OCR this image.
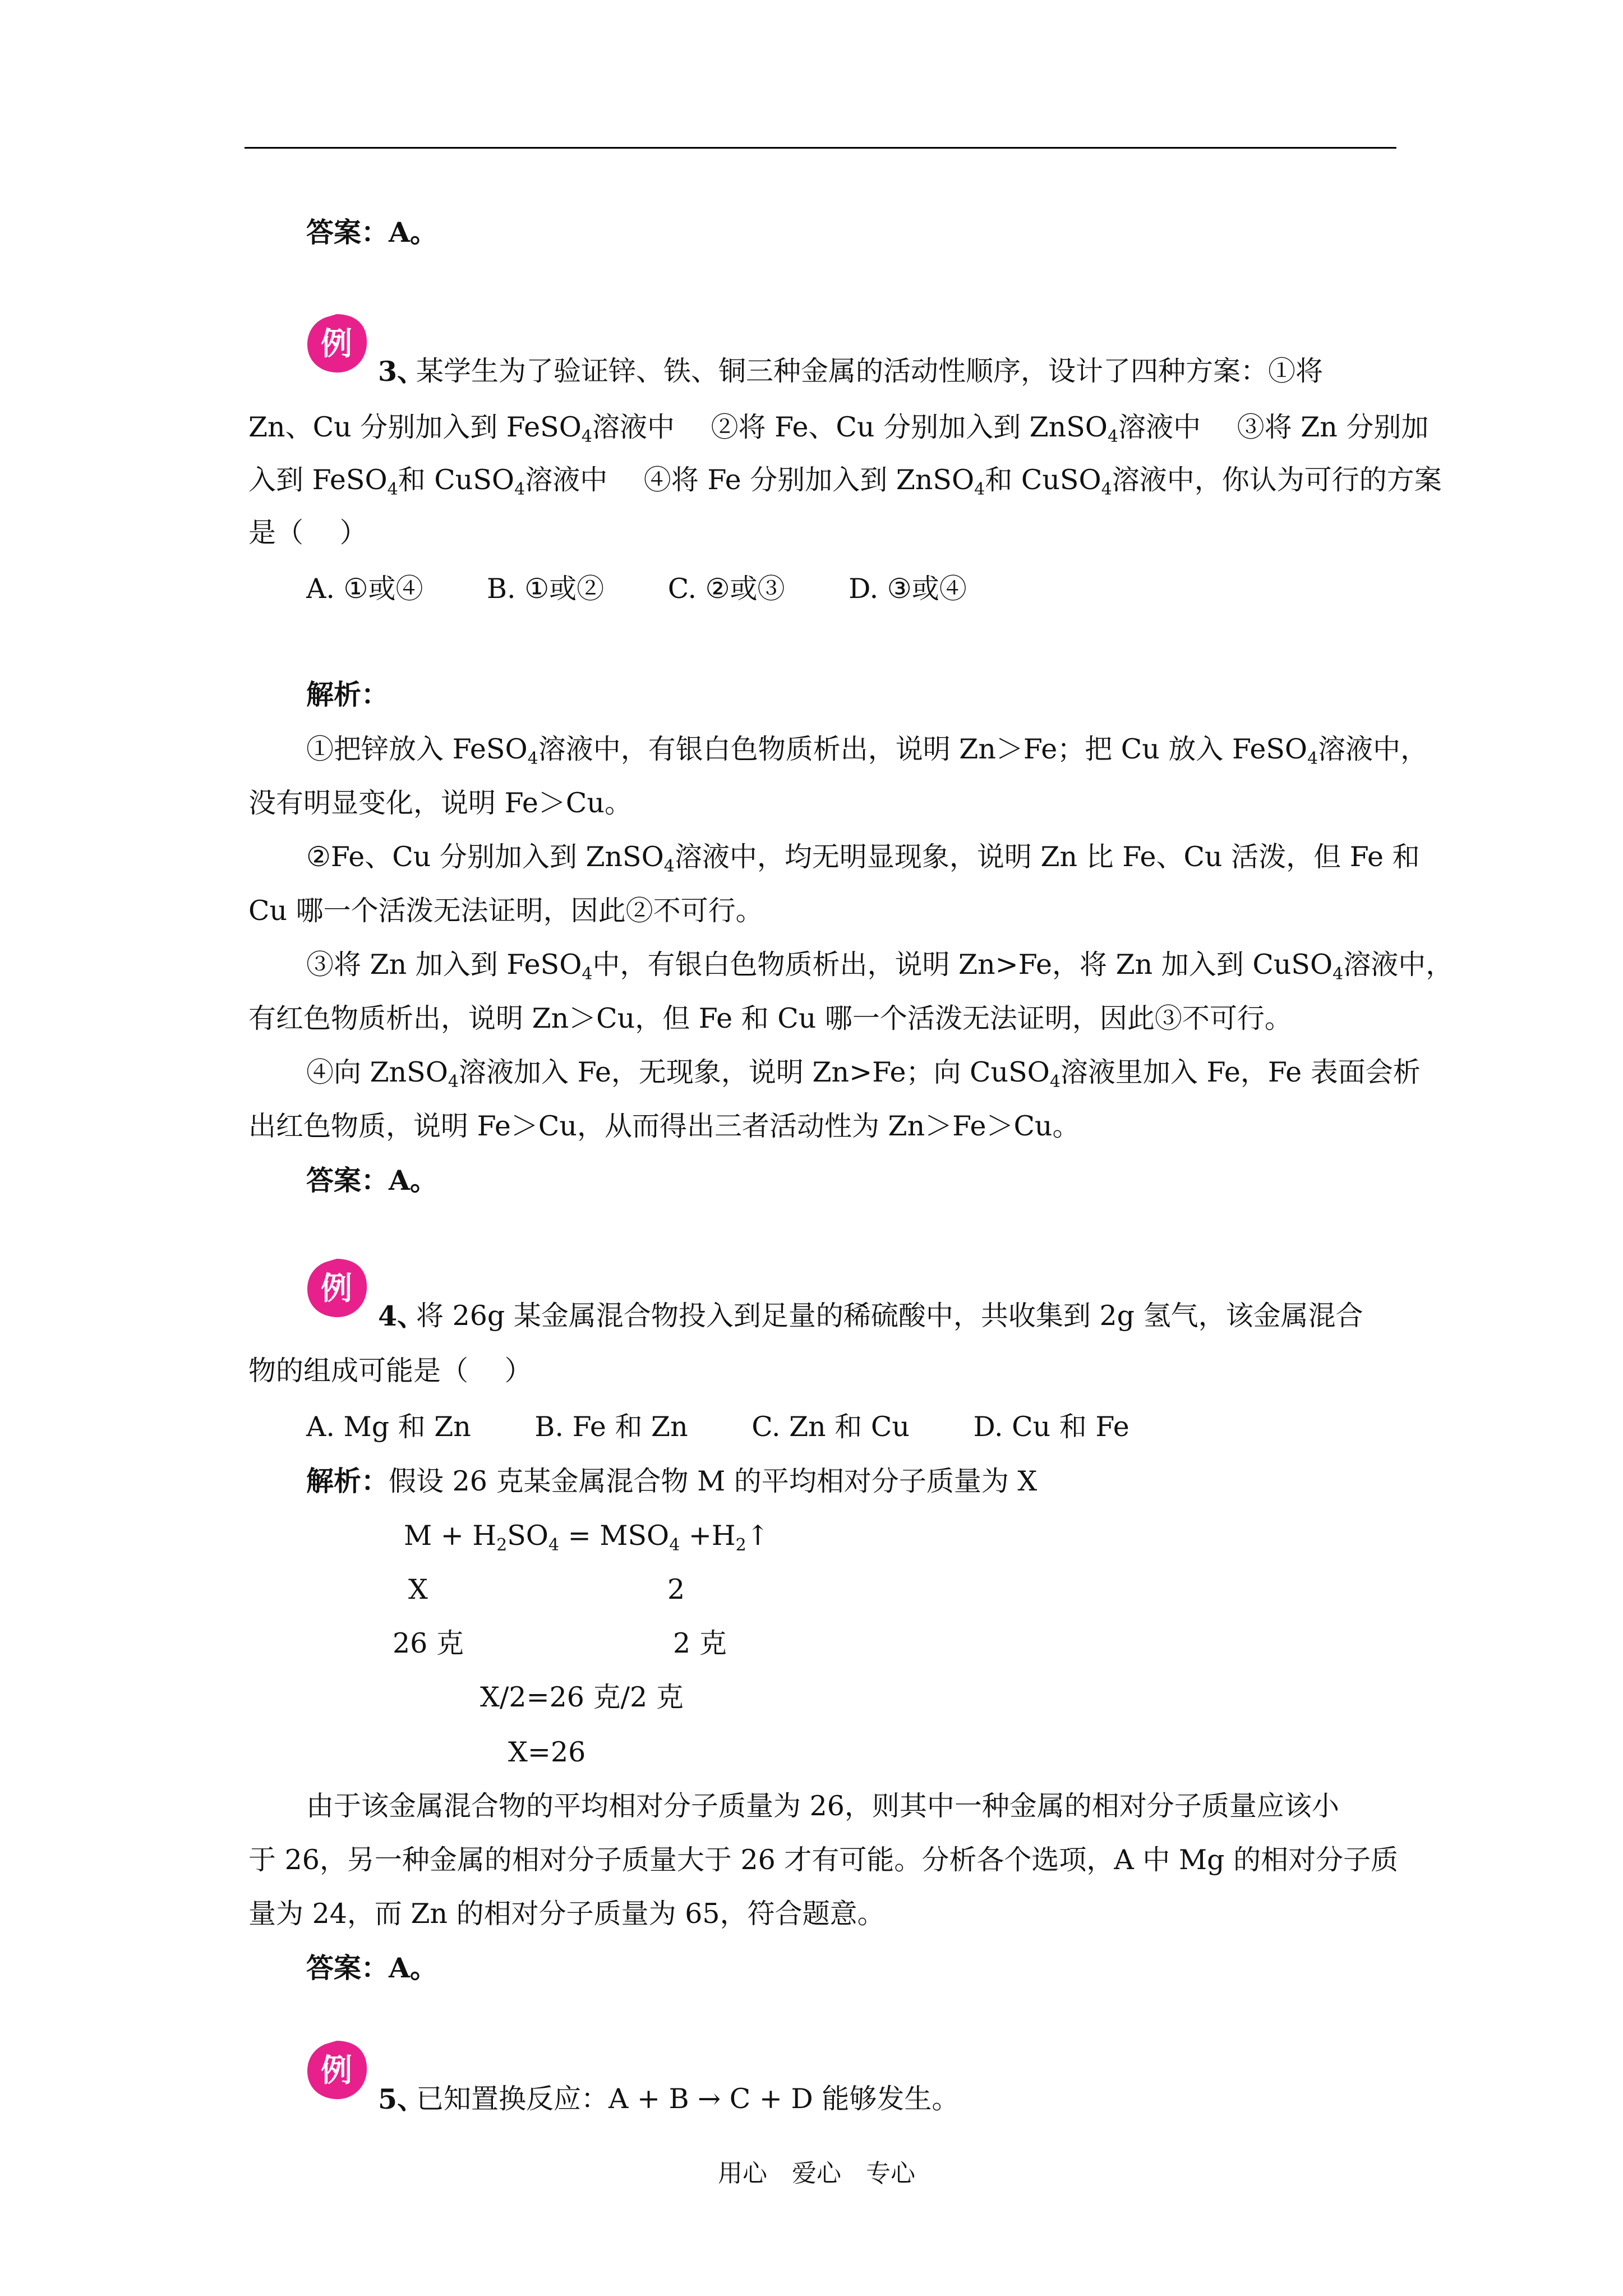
答案：A。
例
3、
某学生为了验证锌、铁、铜三种金属的活动性顺序，设计了四种方案：①将
Zn、Cu 分别加入到 FeSO$_4$溶液中　 ②将 Fe、Cu 分别加入到 ZnSO$_4$溶液中　 ③将 Zn 分别加
入到 FeSO$_4$和 CuSO$_4$溶液中　 ④将 Fe 分别加入到 ZnSO$_4$和 CuSO$_4$溶液中，你认为可行的方案
是（　 ）
A. ①或④　　 B. ①或②　　 C. ②或③　　 D. ③或④
解析：
①把锌放入 FeSO$_4$溶液中，有银白色物质析出，说明 Zn＞Fe；把 Cu 放入 FeSO$_4$溶液中，
没有明显变化，说明 Fe＞Cu。
②Fe、Cu 分别加入到 ZnSO$_4$溶液中，均无明显现象，说明 Zn 比 Fe、Cu 活泼，但 Fe 和
Cu 哪一个活泼无法证明，因此②不可行。
③将 Zn 加入到 FeSO$_4$中，有银白色物质析出，说明 Zn>Fe，将 Zn 加入到 CuSO$_4$溶液中，
有红色物质析出，说明 Zn＞Cu，但 Fe 和 Cu 哪一个活泼无法证明，因此③不可行。
④向 ZnSO$_4$溶液加入 Fe，无现象，说明 Zn>Fe；向 CuSO$_4$溶液里加入 Fe，Fe 表面会析
出红色物质，说明 Fe＞Cu，从而得出三者活动性为 Zn＞Fe＞Cu。
答案：A。
例
4、
将 26g 某金属混合物投入到足量的稀硫酸中，共收集到 2g 氢气，该金属混合
物的组成可能是（　 ）
A. Mg 和 Zn　　 B. Fe 和 Zn　　 C. Zn 和 Cu　　 D. Cu 和 Fe
解析：假设 26 克某金属混合物 M 的平均相对分子质量为 X
$M + H_2SO_4 = MSO_4$ $+H_2↑$
X	2
26 克	2 克
X/2=26 克/2 克
X=26
由于该金属混合物的平均相对分子质量为 26，则其中一种金属的相对分子质量应该小
于 26，另一种金属的相对分子质量大于 26 才有可能。分析各个选项，A 中 Mg 的相对分子质
量为 24，而 Zn 的相对分子质量为 65，符合题意。
答案：A。
例
5、
已知置换反应：A + B → C + D 能够发生。
用心　爱心　专心
